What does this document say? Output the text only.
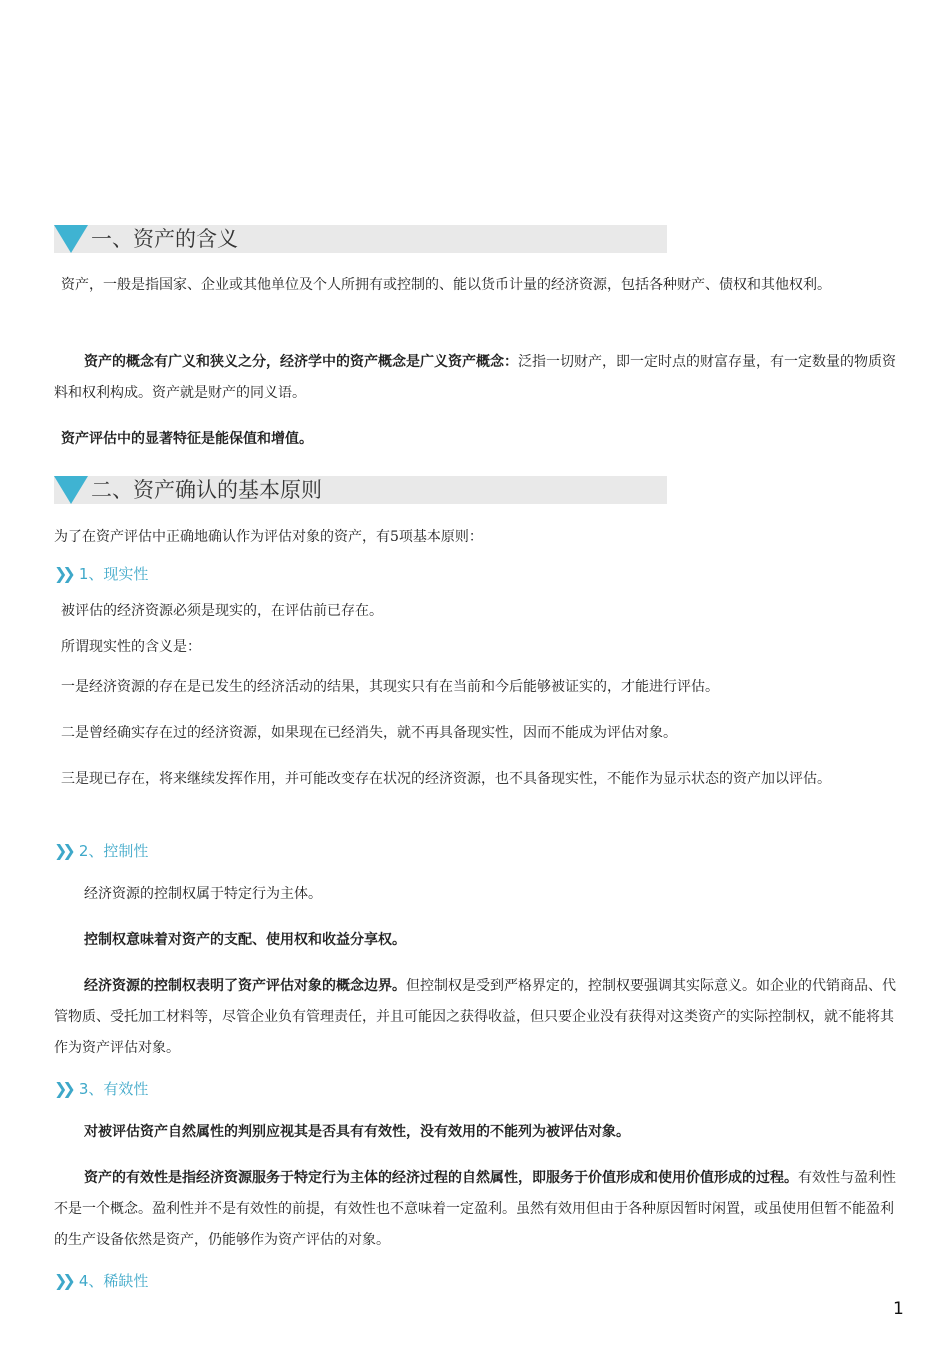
一、资产的含义
资产，一般是指国家、企业或其他单位及个人所拥有或控制的、能以货币计量的经济资源，包括各种财产、债权和其他权利。
资产的概念有广义和狭义之分，经济学中的资产概念是广义资产概念：泛指一切财产，即一定时点的财富存量，有一定数量的物质资料和权利构成。资产就是财产的同义语。
资产评估中的显著特征是能保值和增值。
二、资产确认的基本原则
为了在资产评估中正确地确认作为评估对象的资产，有5项基本原则：
❯❯ 1、现实性
被评估的经济资源必须是现实的，在评估前已存在。
所谓现实性的含义是：
一是经济资源的存在是已发生的经济活动的结果，其现实只有在当前和今后能够被证实的，才能进行评估。
二是曾经确实存在过的经济资源，如果现在已经消失，就不再具备现实性，因而不能成为评估对象。
三是现已存在，将来继续发挥作用，并可能改变存在状况的经济资源，也不具备现实性，不能作为显示状态的资产加以评估。
❯❯ 2、控制性
经济资源的控制权属于特定行为主体。
控制权意味着对资产的支配、使用权和收益分享权。
经济资源的控制权表明了资产评估对象的概念边界。但控制权是受到严格界定的，控制权要强调其实际意义。如企业的代销商品、代管物质、受托加工材料等，尽管企业负有管理责任，并且可能因之获得收益，但只要企业没有获得对这类资产的实际控制权，就不能将其作为资产评估对象。
❯❯ 3、有效性
对被评估资产自然属性的判别应视其是否具有有效性，没有效用的不能列为被评估对象。
资产的有效性是指经济资源服务于特定行为主体的经济过程的自然属性，即服务于价值形成和使用价值形成的过程。有效性与盈利性不是一个概念。盈利性并不是有效性的前提，有效性也不意味着一定盈利。虽然有效用但由于各种原因暂时闲置，或虽使用但暂不能盈利的生产设备依然是资产，仍能够作为资产评估的对象。
❯❯ 4、稀缺性
1
